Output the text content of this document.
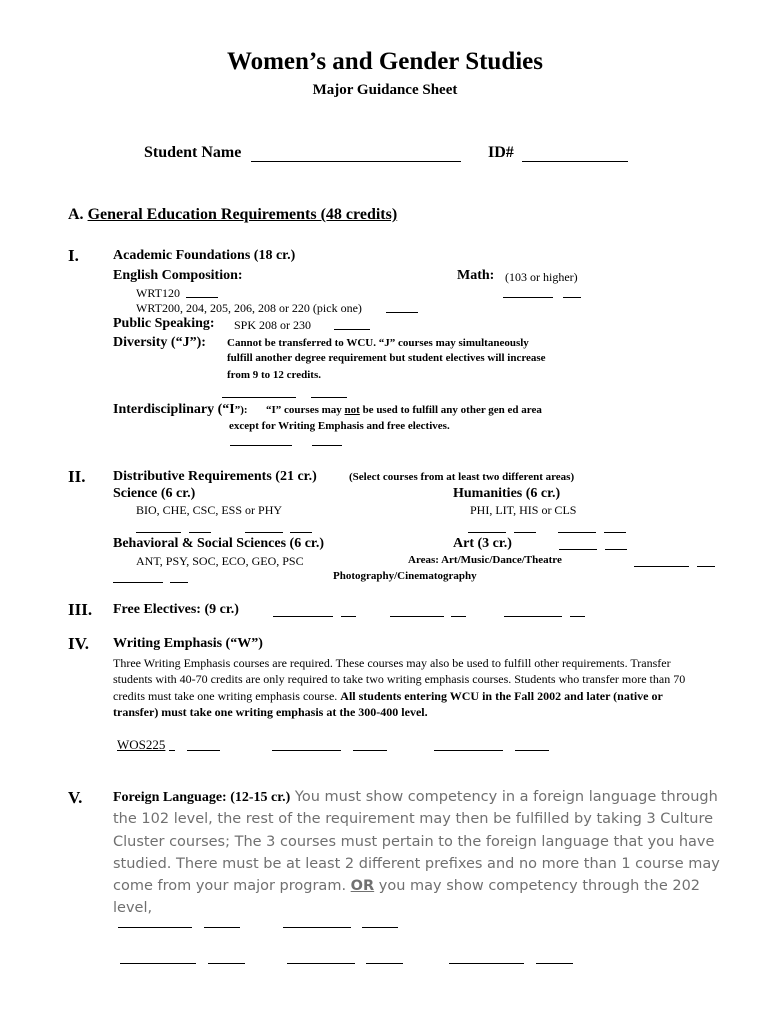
Women’s and Gender Studies
Major Guidance Sheet
Student Name	ID#
A. General Education Requirements (48 credits)
I. Academic Foundations (18 cr.)
English Composition:
WRT120
WRT200, 204, 205, 206, 208 or 220 (pick one)
Math: (103 or higher)
Public Speaking: SPK 208 or 230
Diversity (“J”): Cannot be transferred to WCU. “J” courses may simultaneously
fulfill another degree requirement but student electives will increase
from 9 to 12 credits.
Interdisciplinary (“I”): “I” courses may not be used to fulfill any other gen ed area
except for Writing Emphasis and free electives.
II. Distributive Requirements (21 cr.)	(Select courses from at least two different areas)
Science (6 cr.)
BIO, CHE, CSC, ESS or PHY
Humanities (6 cr.)
PHI, LIT, HIS or CLS
Behavioral & Social Sciences (6 cr.)
ANT, PSY, SOC, ECO, GEO, PSC
Art (3 cr.)
Areas: Art/Music/Dance/Theatre
Photography/Cinematography
III. Free Electives: (9 cr.)
IV. Writing Emphasis (“W”)
Three Writing Emphasis courses are required. These courses may also be used to fulfill other requirements. Transfer students with 40-70 credits are only required to take two writing emphasis courses. Students who transfer more than 70 credits must take one writing emphasis course. All students entering WCU in the Fall 2002 and later (native or transfer) must take one writing emphasis at the 300-400 level.
WOS225
V. Foreign Language: (12-15 cr.) You must show competency in a foreign language through the 102 level, the rest of the requirement may then be fulfilled by taking 3 Culture Cluster courses; The 3 courses must pertain to the foreign language that you have studied. There must be at least 2 different prefixes and no more than 1 course may come from your major program. OR you may show competency through the 202 level,
